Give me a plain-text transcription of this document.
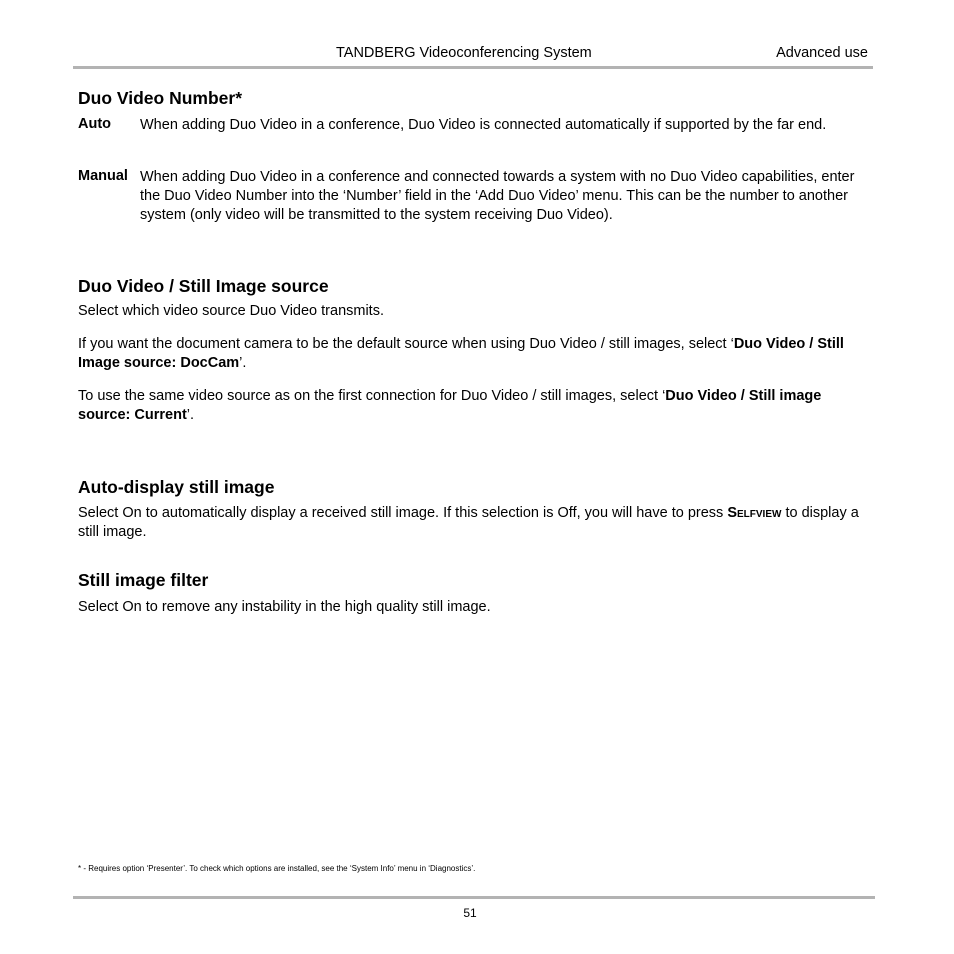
TANDBERG Videoconferencing System	Advanced use
Duo Video Number*
Auto When adding Duo Video in a conference, Duo Video is connected automatically if supported by the far end.

Manual When adding Duo Video in a conference and connected towards a system with no Duo Video capabilities, enter the Duo Video Number into the ‘Number’ field in the ‘Add Duo Video’ menu. This can be the number to another system (only video will be transmitted to the system receiving Duo Video).

Duo Video / Still Image source

Select which video source Duo Video transmits.

If you want the document camera to be the default source when using Duo Video / still images, select ‘Duo Video / Still Image source: DocCam’.

To use the same video source as on the first connection for Duo Video / still images, select ‘Duo Video / Still image source: Current’.

Auto-display still image

Select On to automatically display a received still image. If this selection is Off, you will have to press Selfview to display a still image.

Still image filter

Select On to remove any instability in the high quality still image.

* - Requires option ‘Presenter’. To check which options are installed, see the ‘System Info’ menu in ‘Diagnostics’.
51
